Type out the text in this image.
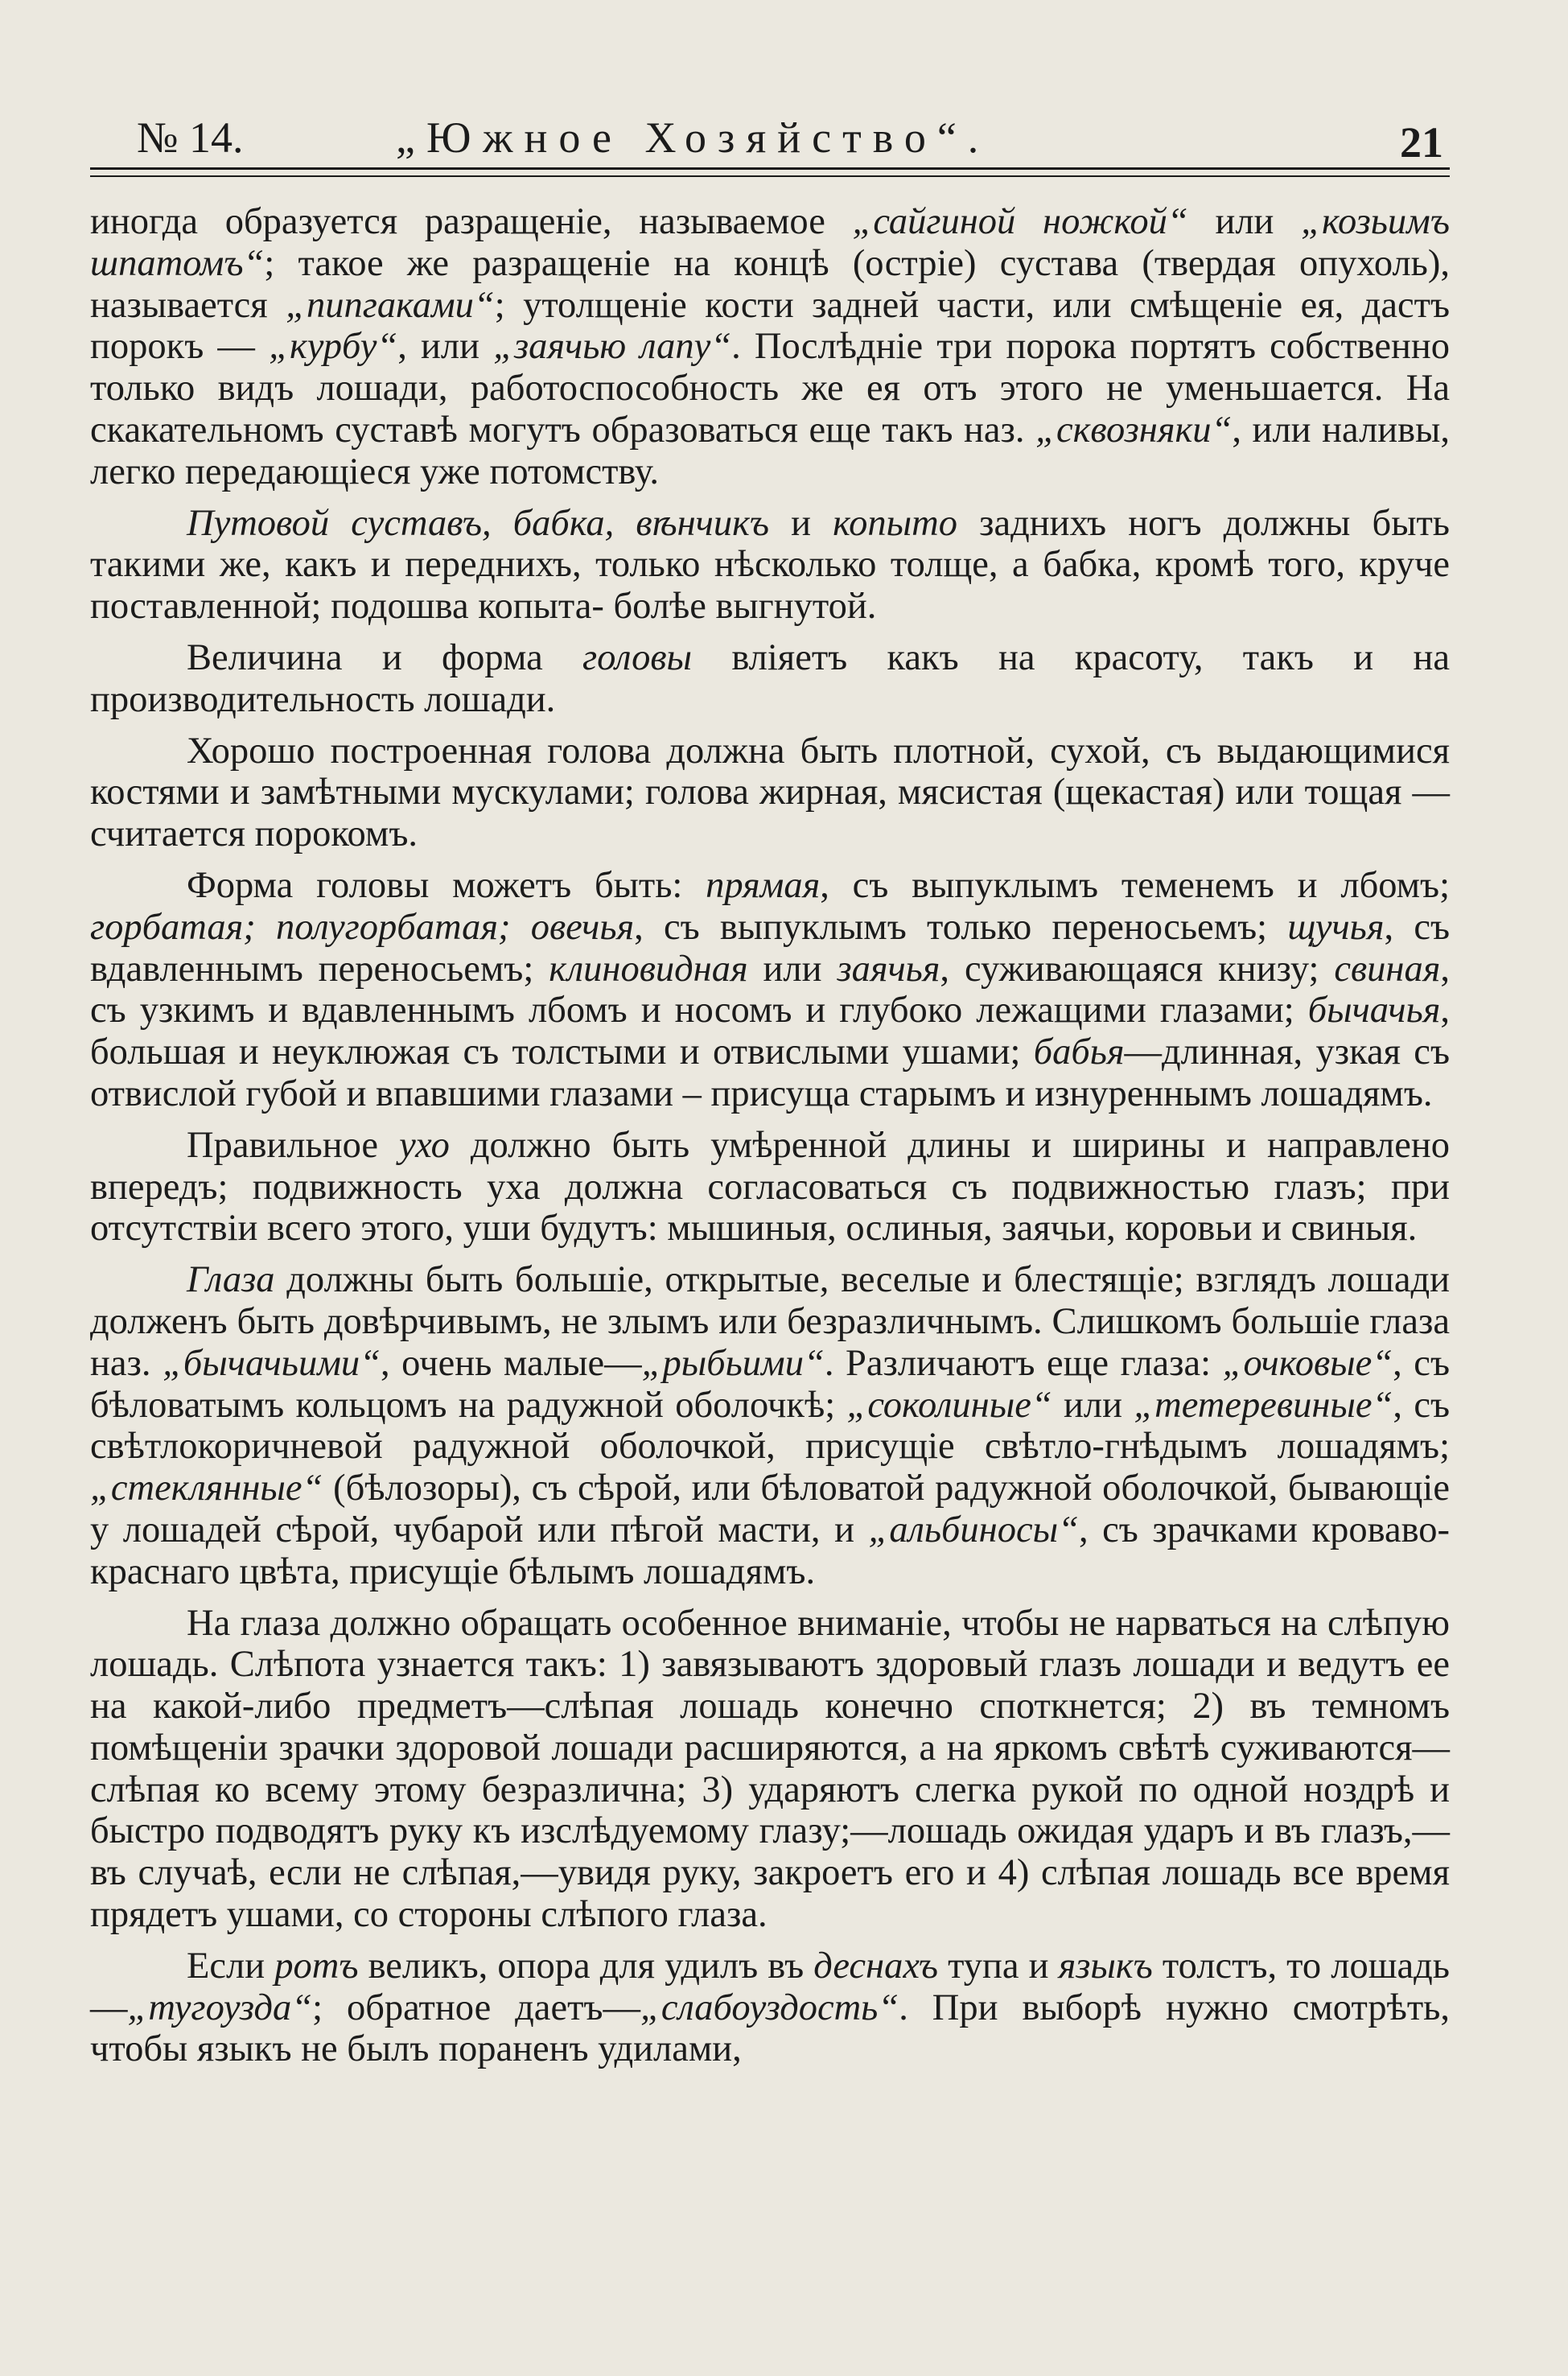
№ 14.	„Южное Хозяйство“.	21

иногда образуется разращеніе, называемое „сайгиной ножкой“ или „козьимъ шпатомъ“; такое же разращеніе на концѣ (остріе) сустава (твердая опухоль), называется „пипгаками“; утолщеніе кости задней части, или смѣщеніе ея, дастъ порокъ — „курбу“, или „заячью лапу“. Послѣдніе три порока портятъ собственно только видъ лошади, работоспособность же ея отъ этого не уменьшается. На скакательномъ суставѣ могутъ образоваться еще такъ наз. „сквозняки“, или наливы, легко передающіеся уже потомству.

Путовой суставъ, бабка, вѣнчикъ и копыто заднихъ ногъ должны быть такими же, какъ и переднихъ, только нѣсколько толще, а бабка, кромѣ того, круче поставленной; подошва копыта- болѣе выгнутой.

Величина и форма головы вліяетъ какъ на красоту, такъ и на производительность лошади.

Хорошо построенная голова должна быть плотной, сухой, съ выдающимися костями и замѣтными мускулами; голова жирная, мясистая (щекастая) или тощая — считается порокомъ.

Форма головы можетъ быть: прямая, съ выпуклымъ теменемъ и лбомъ; горбатая; полугорбатая; овечья, съ выпуклымъ только переносьемъ; щучья, съ вдавленнымъ переносьемъ; клиновидная или заячья, суживающаяся книзу; свиная, съ узкимъ и вдавленнымъ лбомъ и носомъ и глубоко лежащими глазами; бычачья, большая и неуклюжая съ толстыми и отвислыми ушами; бабья—длинная, узкая съ отвислой губой и впавшими глазами – присуща старымъ и изнуреннымъ лошадямъ.

Правильное ухо должно быть умѣренной длины и ширины и направлено впередъ; подвижность уха должна согласоваться съ подвижностью глазъ; при отсутствіи всего этого, уши будутъ: мышиныя, ослиныя, заячьи, коровьи и свиныя.

Глаза должны быть большіе, открытые, веселые и блестящіе; взглядъ лошади долженъ быть довѣрчивымъ, не злымъ или безразличнымъ. Слишкомъ большіе глаза наз. „бычачьими“, очень малые—„рыбьими“. Различаютъ еще глаза: „очковые“, съ бѣловатымъ кольцомъ на радужной оболочкѣ; „соколиные“ или „тетеревиные“, съ свѣтлокоричневой радужной оболочкой, присущіе свѣтло-гнѣдымъ лошадямъ; „стеклянные“ (бѣлозоры), съ сѣрой, или бѣловатой радужной оболочкой, бывающіе у лошадей сѣрой, чубарой или пѣгой масти, и „альбиносы“, съ зрачками кроваво-краснаго цвѣта, присущіе бѣлымъ лошадямъ.

На глаза должно обращать особенное вниманіе, чтобы не нарваться на слѣпую лошадь. Слѣпота узнается такъ: 1) завязываютъ здоровый глазъ лошади и ведутъ ее на какой-либо предметъ—слѣпая лошадь конечно споткнется; 2) въ темномъ помѣщеніи зрачки здоровой лошади расширяются, а на яркомъ свѣтѣ суживаются—слѣпая ко всему этому безразлична; 3) ударяютъ слегка рукой по одной ноздрѣ и быстро подводятъ руку къ изслѣдуемому глазу;—лошадь ожидая ударъ и въ глазъ,—въ случаѣ, если не слѣпая,—увидя руку, закроетъ его и 4) слѣпая лошадь все время прядетъ ушами, со стороны слѣпого глаза.

Если ротъ великъ, опора для удилъ въ деснахъ тупа и языкъ толстъ, то лошадь—„тугоузда“; обратное даетъ—„слабоуздость“. При выборѣ нужно смотрѣть, чтобы языкъ не былъ порaненъ удилами,
